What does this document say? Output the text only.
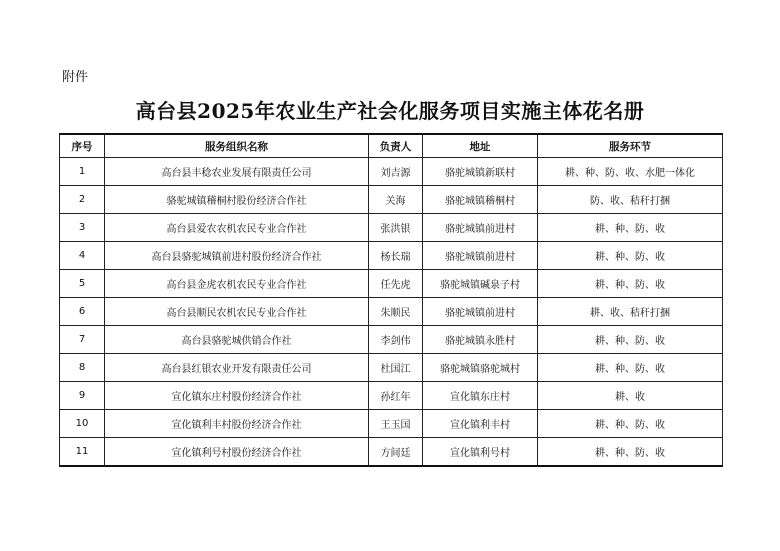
附件
高台县2025年农业生产社会化服务项目实施主体花名册
序号	服务组织名称	负责人	地址	服务环节
1	高台县丰稔农业发展有限责任公司	刘吉源	骆驼城镇新联村	耕、种、防、收、水肥一体化
2	骆驼城镇稽桐村股份经济合作社	关海	骆驼城镇稽桐村	防、收、秸秆打捆
3	高台县爱农农机农民专业合作社	张洪银	骆驼城镇前进村	耕、种、防、收
4	高台县骆驼城镇前进村股份经济合作社	杨长瑞	骆驼城镇前进村	耕、种、防、收
5	高台县金虎农机农民专业合作社	任先虎	骆驼城镇碱泉子村	耕、种、防、收
6	高台县顺民农机农民专业合作社	朱顺民	骆驼城镇前进村	耕、收、秸秆打捆
7	高台县骆驼城供销合作社	李剑伟	骆驼城镇永胜村	耕、种、防、收
8	高台县红银农业开发有限责任公司	杜国江	骆驼城镇骆驼城村	耕、种、防、收
9	宣化镇东庄村股份经济合作社	孙红年	宣化镇东庄村	耕、收
10	宣化镇利丰村股份经济合作社	王玉国	宣化镇利丰村	耕、种、防、收
11	宣化镇利号村股份经济合作社	方间廷	宣化镇利号村	耕、种、防、收
